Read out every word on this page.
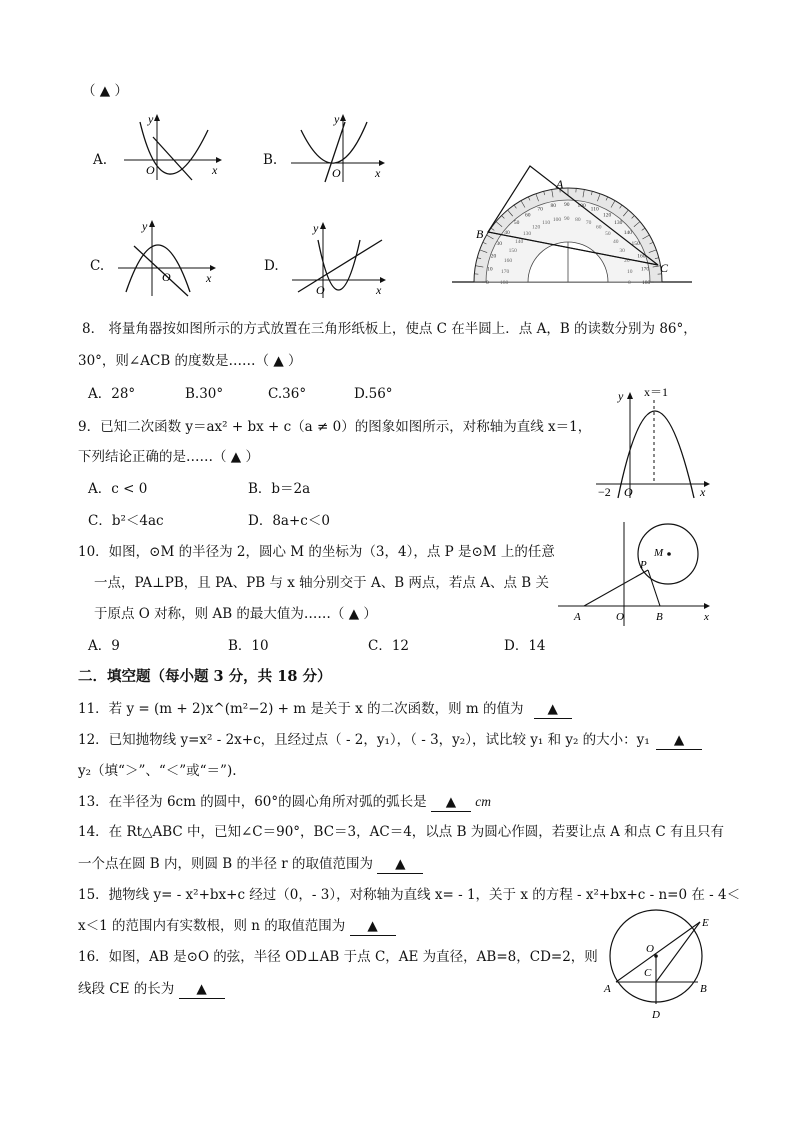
（ ▲ ）
A.
y
O	x
B.
y
O	x
C.
y
O	x
D.
y
O	x	0
10
20
30
40
50
60
70
80 90 100
110
120
130
140
150
160
170
180
180
170
160
150
140
130
120
110 100 90 80 70
60
50
40
30
20
10
0
A
B
C
8． 将量角器按如图所示的方式放置在三角形纸板上，使点 C 在半圆上．点 A，B 的读数分别为 86°，
30°，则∠ACB 的度数是……（ ▲ ）
A．28°	B.30°	C.36°	D.56°
9．已知二次函数 y＝ax² + bx + c（a ≠ 0）的图象如图所示，对称轴为直线 x＝1，
下列结论正确的是……（ ▲ ）
A．c < 0	B．b＝2a
C．b²＜4ac	D．8a+c＜0
x＝1
y
−2 O	x
10．如图，⊙M 的半径为 2，圆心 M 的坐标为（3，4），点 P 是⊙M 上的任意
一点，PA⊥PB，且 PA、PB 与 x 轴分别交于 A、B 两点，若点 A、点 B 关
于原点 O 对称，则 AB 的最大值为……（ ▲ ）
A．9	B．10	C．12	D．14
M
P
A	O	B	x
二．填空题（每小题 3 分，共 18 分）
11．若 y = (m + 2)x^(m²−2) + m 是关于 x 的二次函数，则 m 的值为 ▲
12．已知抛物线 y=x² - 2x+c，且经过点（ - 2，y₁），（ - 3，y₂），试比较 y₁ 和 y₂ 的大小：y₁ ▲
y₂（填“＞”、“＜”或“＝”).
13．在半径为 6cm 的圆中，60°的圆心角所对弧的弧长是 ▲ cm
14．在 Rt△ABC 中，已知∠C＝90°，BC＝3，AC＝4，以点 B 为圆心作圆，若要让点 A 和点 C 有且只有
一个点在圆 B 内，则圆 B 的半径 r 的取值范围为 ▲
15．抛物线 y= - x²+bx+c 经过（0，- 3），对称轴为直线 x= - 1，关于 x 的方程 - x²+bx+c - n=0 在 - 4＜
x＜1 的范围内有实数根，则 n 的取值范围为 ▲
16．如图，AB 是⊙O 的弦，半径 OD⊥AB 于点 C，AE 为直径，AB=8，CD=2，则
线段 CE 的长为 ▲
E
O
C
A	B
D
